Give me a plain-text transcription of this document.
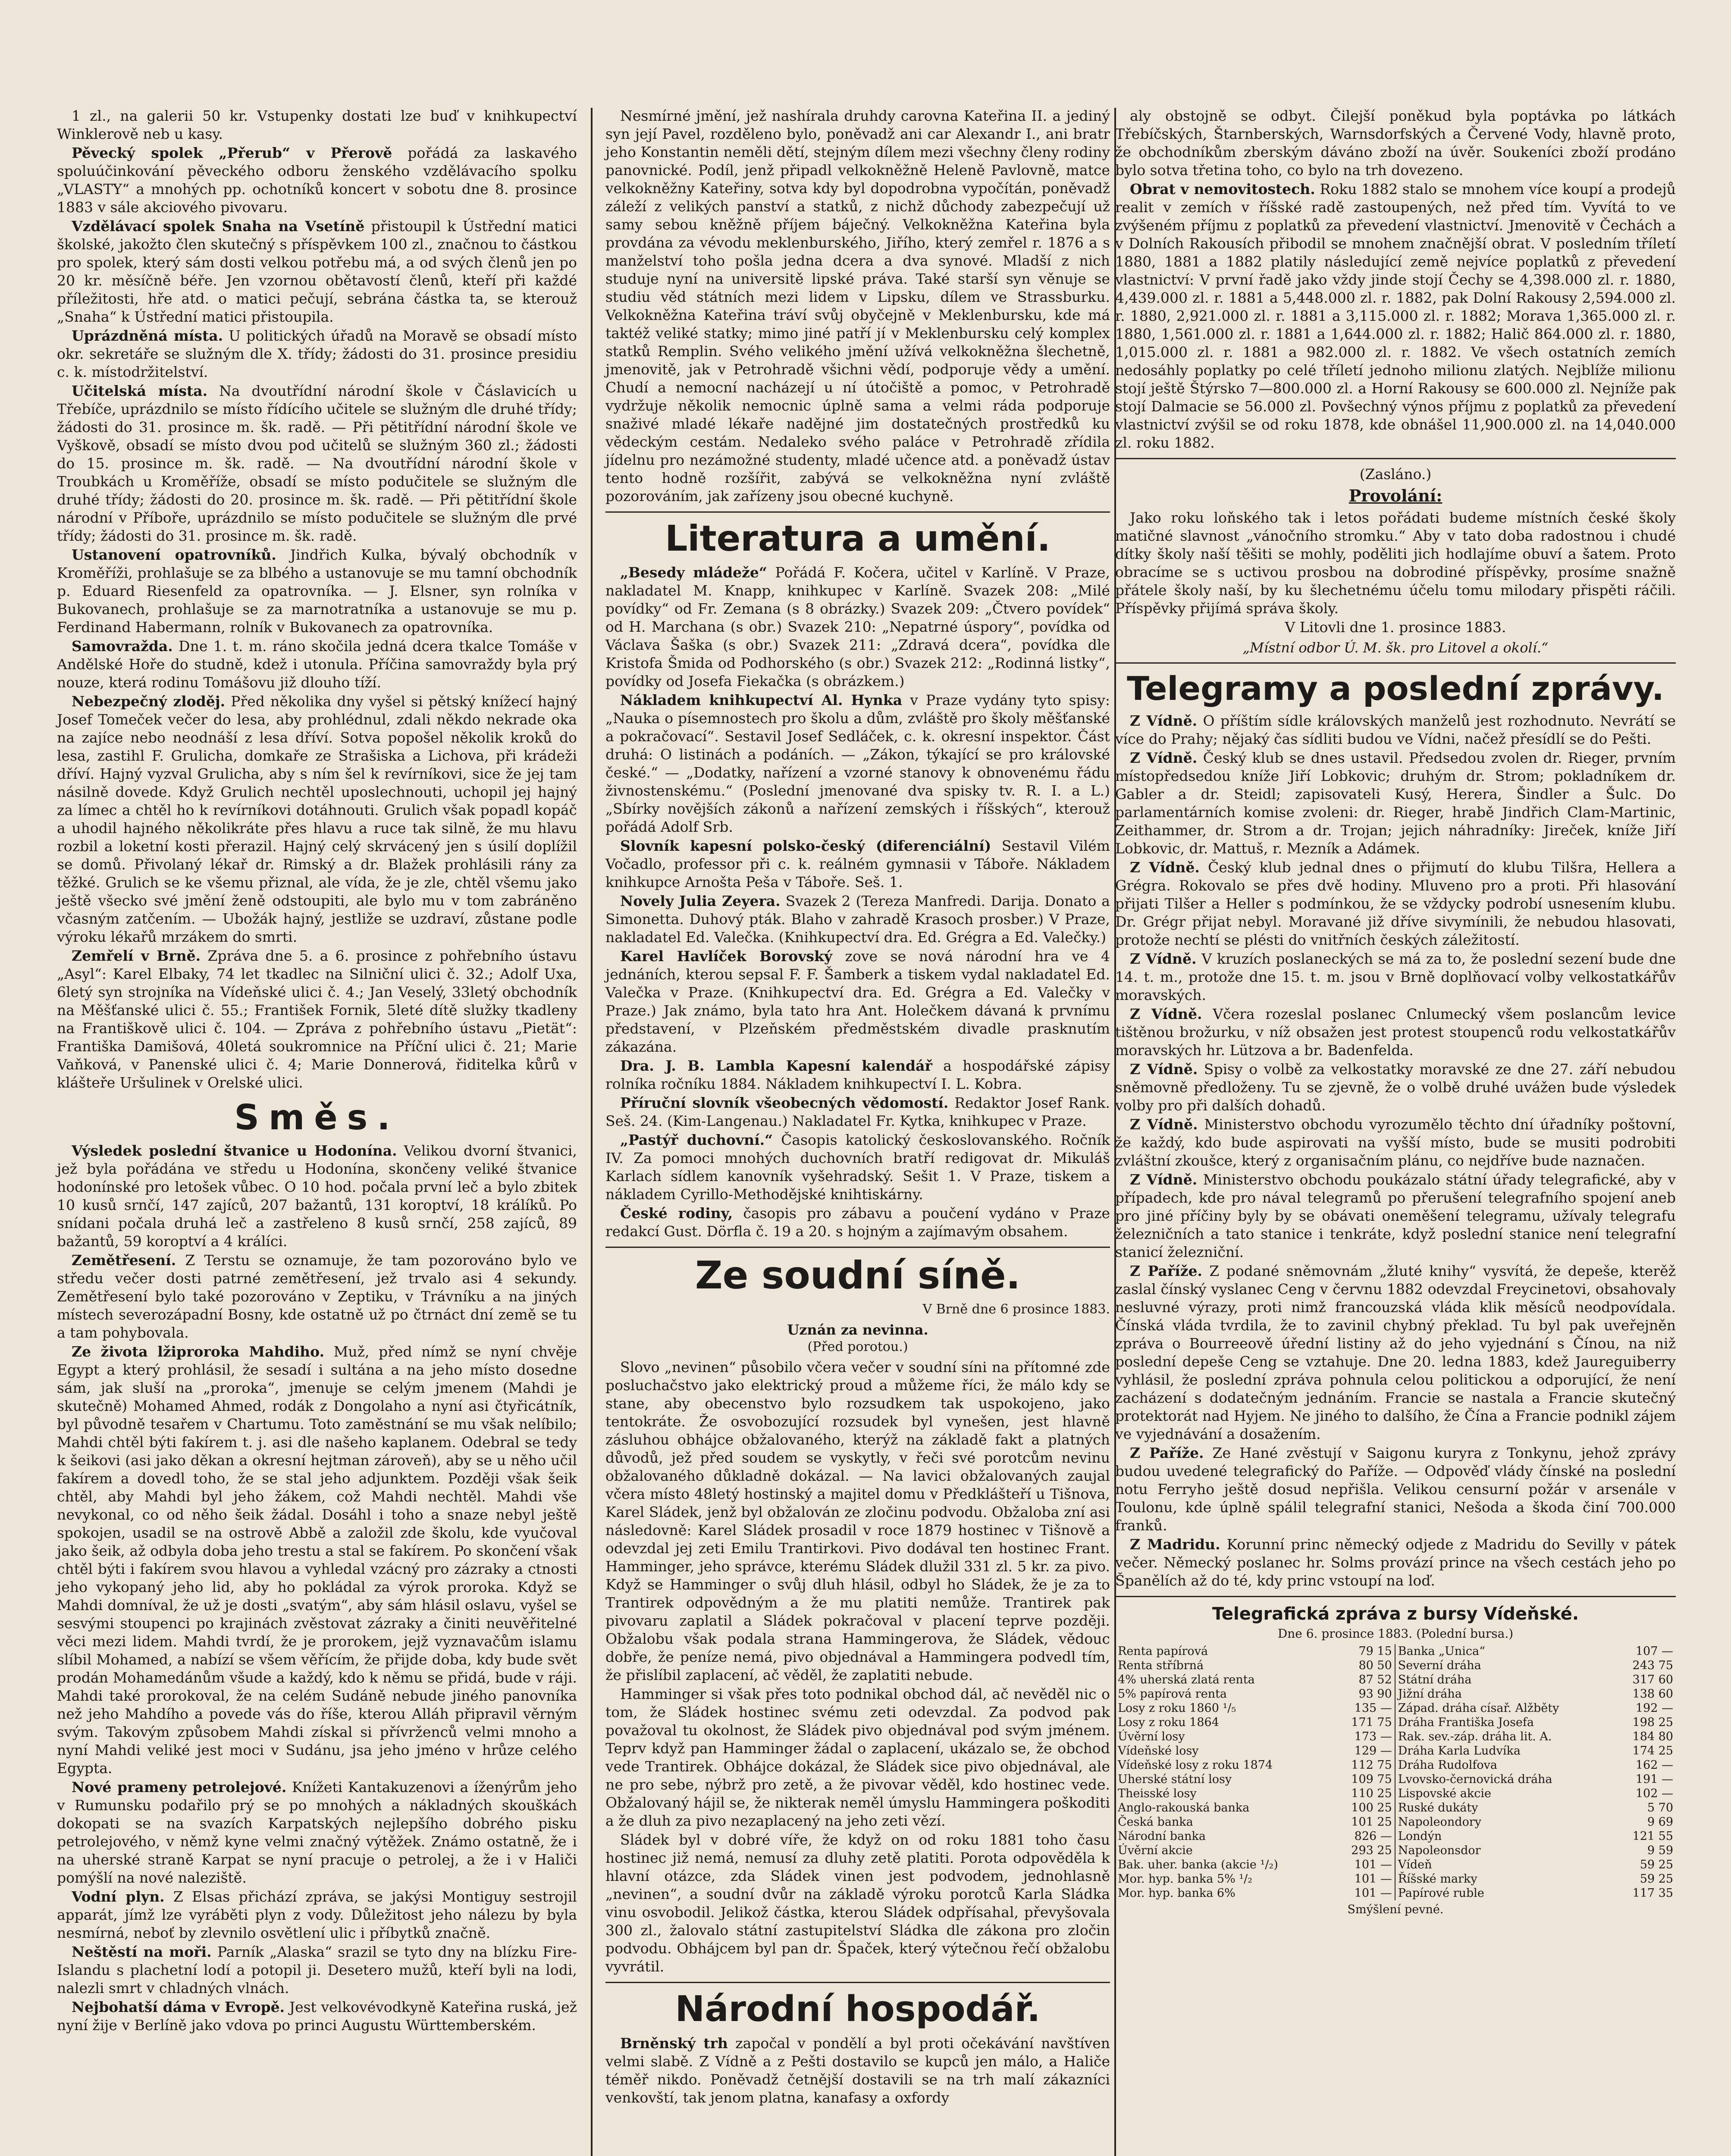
1 zl., na galerii 50 kr. Vstupenky dostati lze buď v knihkupectví Winklerově neb u kasy.

Pěvecký spolek „Přerub“ v Přerově pořádá za laskavého spoluúčinkování pěveckého odboru ženského vzdělávacího spolku „VLASTY“ a mnohých pp. ochotníků koncert v sobotu dne 8. prosince 1883 v sále akciového pivovaru.

Vzdělávací spolek Snaha na Vsetíně přistoupil k Ústřední matici školské, jakožto člen skutečný s příspěvkem 100 zl., značnou to částkou pro spolek, který sám dosti velkou potřebu má, a od svých členů jen po 20 kr. měsíčně béře. Jen vzornou obětavostí členů, kteří při každé příležitosti, hře atd. o matici pečují, sebrána částka ta, se kterouž „Snaha“ k Ústřední matici přistoupila.

Uprázdněná místa. U politických úřadů na Moravě se obsadí místo okr. sekretáře se služným dle X. třídy; žádosti do 31. prosince presidiu c. k. místodržitelství.

Učitelská místa. Na dvoutřídní národní škole v Čáslavicích u Třebíče, uprázdnilo se místo řídícího učitele se služným dle druhé třídy; žádosti do 31. prosince m. šk. radě. — Při pětitřídní národní škole ve Vyškově, obsadí se místo dvou pod učitelů se služným 360 zl.; žádosti do 15. prosince m. šk. radě. — Na dvoutřídní národní škole v Troubkách u Kroměříže, obsadí se místo podučitele se služným dle druhé třídy; žádosti do 20. prosince m. šk. radě. — Při pětitřídní škole národní v Příboře, uprázdnilo se místo podučitele se služným dle prvé třídy; žádosti do 31. prosince m. šk. radě.

Ustanovení opatrovníků. Jindřich Kulka, bývalý obchodník v Kroměříži, prohlašuje se za blbého a ustanovuje se mu tamní obchodník p. Eduard Riesenfeld za opatrovníka. — J. Elsner, syn rolníka v Bukovanech, prohlašuje se za marnotratníka a ustanovuje se mu p. Ferdinand Habermann, rolník v Bukovanech za opatrovníka.

Samovražda. Dne 1. t. m. ráno skočila jedná dcera tkalce Tomáše v Andělské Hoře do studně, kdež i utonula. Příčina samovraždy byla prý nouze, která rodinu Tomášovu již dlouho tíží.

Nebezpečný zloděj. Před několika dny vyšel si pětský knížecí hajný Josef Tomeček večer do lesa, aby prohlédnul, zdali někdo nekrade oka na zajíce nebo neodnáší z lesa dříví. Sotva popošel několik kroků do lesa, zastihl F. Grulicha, domkaře ze Strašiska a Lichova, při krádeži dříví. Hajný vyzval Grulicha, aby s ním šel k revírníkovi, sice že jej tam násilně dovede. Když Grulich nechtěl uposlechnouti, uchopil jej hajný za límec a chtěl ho k revírníkovi dotáhnouti. Grulich však popadl kopáč a uhodil hajného několikráte přes hlavu a ruce tak silně, že mu hlavu rozbil a loketní kosti přerazil. Hajný celý skrvácený jen s úsilí doplížil se domů. Přivolaný lékař dr. Rimský a dr. Blažek prohlásili rány za těžké. Grulich se ke všemu přiznal, ale vída, že je zle, chtěl všemu jako ještě všecko své jmění ženě odstoupiti, ale bylo mu v tom zabráněno včasným zatčením. — Ubožák hajný, jestliže se uzdraví, zůstane podle výroku lékařů mrzákem do smrti.

Zemřelí v Brně. Zpráva dne 5. a 6. prosince z pohřebního ústavu „Asyl“: Karel Elbaky, 74 let tkadlec na Silniční ulici č. 32.; Adolf Uxa, 6letý syn strojníka na Vídeňské ulici č. 4.; Jan Veselý, 33letý obchodník na Měšťanské ulici č. 55.; František Fornik, 5leté dítě služky tkadleny na Františkově ulici č. 104. — Zpráva z pohřebního ústavu „Pietät“: Františka Damišová, 40letá soukromnice na Příční ulici č. 21; Marie Vaňková, v Panenské ulici č. 4; Marie Donnerová, řiditelka kůrů v klášteře Uršulinek v Orelské ulici.

Směs.

Výsledek poslední štvanice u Hodonína. Velikou dvorní štvanici, jež byla pořádána ve středu u Hodonína, skončeny veliké štvanice hodonínské pro letošek vůbec. O 10 hod. počala první leč a bylo zbitek 10 kusů srnčí, 147 zajíců, 207 bažantů, 131 koroptví, 18 králíků. Po snídani počala druhá leč a zastřeleno 8 kusů srnčí, 258 zajíců, 89 bažantů, 59 koroptví a 4 králíci.

Zemětřesení. Z Terstu se oznamuje, že tam pozorováno bylo ve středu večer dosti patrné zemětřesení, jež trvalo asi 4 sekundy. Zemětřesení bylo také pozorováno v Zeptiku, v Trávníku a na jiných místech severozápadní Bosny, kde ostatně už po čtrnáct dní země se tu a tam pohybovala.

Ze života lžiproroka Mahdiho. Muž, před nímž se nyní chvěje Egypt a který prohlásil, že sesadí i sultána a na jeho místo dosedne sám, jak sluší na „proroka“, jmenuje se celým jmenem (Mahdi je skutečně) Mohamed Ahmed, rodák z Dongolaho a nyní asi čtyřicátník, byl původně tesařem v Chartumu. Toto zaměstnání se mu však nelíbilo; Mahdi chtěl býti fakírem t. j. asi dle našeho kaplanem. Odebral se tedy k šeikovi (asi jako děkan a okresní hejtman zároveň), aby se u něho učil fakírem a dovedl toho, že se stal jeho adjunktem. Později však šeik chtěl, aby Mahdi byl jeho žákem, což Mahdi nechtěl. Mahdi vše nevykonal, co od něho šeik žádal. Dosáhl i toho a snaze nebyl ještě spokojen, usadil se na ostrově Abbě a založil zde školu, kde vyučoval jako šeik, až odbyla doba jeho trestu a stal se fakírem. Po skončení však chtěl býti i fakírem svou hlavou a vyhledal vzácný pro zázraky a ctnosti jeho vykopaný jeho lid, aby ho pokládal za výrok proroka. Když se Mahdi domníval, že už je dosti „svatým“, aby sám hlásil oslavu, vyšel se sesvými stoupenci po krajinách zvěstovat zázraky a činiti neuvěřitelné věci mezi lidem. Mahdi tvrdí, že je prorokem, jejž vyznavačům islamu slíbil Mohamed, a nabízí se všem věřícím, že přijde doba, kdy bude svět prodán Mohamedánům všude a každý, kdo k němu se přidá, bude v ráji. Mahdi také prorokoval, že na celém Sudáně nebude jiného panovníka než jeho Mahdího a povede vás do říše, kterou Alláh připravil věrným svým. Takovým způsobem Mahdi získal si přívrženců velmi mnoho a nyní Mahdi veliké jest moci v Sudánu, jsa jeho jméno v hrůze celého Egypta.

Nové prameny petrolejové. Knížeti Kantakuzenovi a íženýrům jeho v Rumunsku podařilo prý se po mnohých a nákladných skouškách dokopati se na svazích Karpatských nejlepšího dobrého pisku petrolejového, v němž kyne velmi značný výtěžek. Známo ostatně, že i na uherské straně Karpat se nyní pracuje o petrolej, a že i v Haliči pomýšlí na nové naleziště.

Vodní plyn. Z Elsas přichází zpráva, se jakýsi Montiguy sestrojil apparát, jímž lze vyráběti plyn z vody. Důležitost jeho nálezu by byla nesmírná, neboť by zlevnilo osvětlení ulic i příbytků značně.

Neštěstí na moři. Parník „Alaska“ srazil se tyto dny na blízku Fire-Islandu s plachetní lodí a potopil ji. Desetero mužů, kteří byli na lodi, nalezli smrt v chladných vlnách.

Nejbohatší dáma v Evropě. Jest velkovévodkyně Kateřina ruská, jež nyní žije v Berlíně jako vdova po princi Augustu Württemberském.

Nesmírné jmění, jež nashírala druhdy carovna Kateřina II. a jediný syn její Pavel, rozděleno bylo, poněvadž ani car Alexandr I., ani bratr jeho Konstantin neměli dětí, stejným dílem mezi všechny členy rodiny panovnické. Podíl, jenž připadl velkokněžně Heleně Pavlovně, matce velkokněžny Kateřiny, sotva kdy byl dopodrobna vypočítán, poněvadž záleží z velikých panství a statků, z nichž důchody zabezpečují už samy sebou kněžně příjem báječný. Velkokněžna Kateřina byla provdána za vévodu meklenburského, Jiřího, který zemřel r. 1876 a s manželství toho pošla jedna dcera a dva synové. Mladší z nich studuje nyní na universitě lipské práva. Také starší syn věnuje se studiu věd státních mezi lidem v Lipsku, dílem ve Strassburku. Velkokněžna Kateřina tráví svůj obyčejně v Meklenbursku, kde má taktéž veliké statky; mimo jiné patří jí v Meklenbursku celý komplex statků Remplin. Svého velikého jmění užívá velkokněžna šlechetně, jmenovitě, jak v Petrohradě všichni vědí, podporuje vědy a umění. Chudí a nemocní nacházejí u ní útočiště a pomoc, v Petrohradě vydržuje několik nemocnic úplně sama a velmi ráda podporuje snaživé mladé lékaře nadějné jim dostatečných prostředků ku vědeckým cestám. Nedaleko svého paláce v Petrohradě zřídila jídelnu pro nezámožné studenty, mladé učence atd. a poněvadž ústav tento hodně rozšířit, zabývá se velkokněžna nyní zvláště pozorováním, jak zařízeny jsou obecné kuchyně.

Literatura a umění.

„Besedy mládeže“ Pořádá F. Kočera, učitel v Karlíně. V Praze, nakladatel M. Knapp, knihkupec v Karlíně. Svazek 208: „Milé povídky“ od Fr. Zemana (s 8 obrázky.) Svazek 209: „Čtvero povídek“ od H. Marchana (s obr.) Svazek 210: „Nepatrné úspory“, povídka od Václava Šaška (s obr.) Svazek 211: „Zdravá dcera“, povídka dle Kristofa Šmida od Podhorského (s obr.) Svazek 212: „Rodinná listky“, povídky od Josefa Fiekačka (s obrázkem.)

Nákladem knihkupectví Al. Hynka v Praze vydány tyto spisy: „Nauka o písemnostech pro školu a dům, zvláště pro školy měšťanské a pokračovací“. Sestavil Josef Sedláček, c. k. okresní inspektor. Část druhá: O listinách a podáních. — „Zákon, týkající se pro královské české.“ — „Dodatky, nařízení a vzorné stanovy k obnovenému řádu živnostenskému.“ (Poslední jmenované dva spisky tv. R. I. a L.) „Sbírky novějších zákonů a nařízení zemských i říšských“, kterouž pořádá Adolf Srb.

Slovník kapesní polsko-český (diferenciální) Sestavil Vilém Vočadlo, professor při c. k. reálném gymnasii v Táboře. Nákladem knihkupce Arnošta Peša v Táboře. Seš. 1.

Novely Julia Zeyera. Svazek 2 (Tereza Manfredi. Darija. Donato a Simonetta. Duhový pták. Blaho v zahradě Krasoch prosber.) V Praze, nakladatel Ed. Valečka. (Knihkupectví dra. Ed. Grégra a Ed. Valečky.)

Karel Havlíček Borovský zove se nová národní hra ve 4 jednáních, kterou sepsal F. F. Šamberk a tiskem vydal nakladatel Ed. Valečka v Praze. (Knihkupectví dra. Ed. Grégra a Ed. Valečky v Praze.) Jak známo, byla tato hra Ant. Holečkem dávaná k prvnímu představení, v Plzeňském předměstském divadle prasknutím zákazána.

Dra. J. B. Lambla Kapesní kalendář a hospodářské zápisy rolníka ročníku 1884. Nákladem knihkupectví I. L. Kobra.

Příruční slovník všeobecných vědomostí. Redaktor Josef Rank. Seš. 24. (Kim-Langenau.) Nakladatel Fr. Kytka, knihkupec v Praze.

„Pastýř duchovní.“ Časopis katolický českoslovanského. Ročník IV. Za pomoci mnohých duchovních bratří redigovat dr. Mikuláš Karlach sídlem kanovník vyšehradský. Sešit 1. V Praze, tiskem a nákladem Cyrillo-Methodějské knihtiskárny.

České rodiny, časopis pro zábavu a poučení vydáno v Praze redakcí Gust. Dörfla č. 19 a 20. s hojným a zajímavým obsahem.

Ze soudní síně.
V Brně dne 6 prosince 1883.
Uznán za nevinna.
(Před porotou.)

Slovo „nevinen“ působilo včera večer v soudní síni na přítomné zde posluchačstvo jako elektrický proud a můžeme říci, že málo kdy se stane, aby obecenstvo bylo rozsudkem tak uspokojeno, jako tentokráte. Že osvobozující rozsudek byl vynešen, jest hlavně zásluhou obhájce obžalovaného, kterýž na základě fakt a platných důvodů, jež před soudem se vyskytly, v řeči své porotcům nevinu obžalovaného důkladně dokázal. — Na lavici obžalovaných zaujal včera místo 48letý hostinský a majitel domu v Předklášteří u Tišnova, Karel Sládek, jenž byl obžalován ze zločinu podvodu. Obžaloba zní asi následovně: Karel Sládek prosadil v roce 1879 hostinec v Tišnově a odevzdal jej zeti Emilu Trantirkovi. Pivo dodával ten hostinec Frant. Hamminger, jeho správce, kterému Sládek dlužil 331 zl. 5 kr. za pivo. Když se Hamminger o svůj dluh hlásil, odbyl ho Sládek, že je za to Trantirek odpovědným a že mu platiti nemůže. Trantirek pak pivovaru zaplatil a Sládek pokračoval v placení teprve později. Obžalobu však podala strana Hammingerova, že Sládek, vědouc dobře, že peníze nemá, pivo objednával a Hammingera podvedl tím, že přislíbil zaplacení, ač věděl, že zaplatiti nebude.

Hamminger si však přes toto podnikal obchod dál, ač nevěděl nic o tom, že Sládek hostinec svému zeti odevzdal. Za podvod pak považoval tu okolnost, že Sládek pivo objednával pod svým jménem. Teprv když pan Hamminger žádal o zaplacení, ukázalo se, že obchod vede Trantirek. Obhájce dokázal, že Sládek sice pivo objednával, ale ne pro sebe, nýbrž pro zetě, a že pivovar věděl, kdo hostinec vede. Obžalovaný hájil se, že nikterak neměl úmyslu Hammingera poškoditi a že dluh za pivo nezaplacený na jeho zeti vězí.

Sládek byl v dobré víře, že když on od roku 1881 toho času hostinec již nemá, nemusí za dluhy zetě platiti. Porota odpověděla k hlavní otázce, zda Sládek vinen jest podvodem, jednohlasně „nevinen“, a soudní dvůr na základě výroku porotců Karla Sládka vinu osvobodil. Jelikož částka, kterou Sládek odpřísahal, převyšovala 300 zl., žalovalo státní zastupitelství Sládka dle zákona pro zločin podvodu. Obhájcem byl pan dr. Špaček, který výtečnou řečí obžalobu vyvrátil.

Národní hospodář.

Brněnský trh započal v pondělí a byl proti očekávání navštíven velmi slabě. Z Vídně a z Pešti dostavilo se kupců jen málo, a Haliče téměř nikdo. Poněvadž četnější dostavili se na trh malí zákazníci venkovští, tak jenom platna, kanafasy a oxfordy

aly obstojně se odbyt. Čilejší poněkud byla poptávka po látkách Třebíčských, Štarnberských, Warnsdorfských a Červené Vody, hlavně proto, že obchodníkům zberským dáváno zboží na úvěr. Soukeníci zboží prodáno bylo sotva třetina toho, co bylo na trh dovezeno.

Obrat v nemovitostech. Roku 1882 stalo se mnohem více koupí a prodejů realit v zemích v říšské radě zastoupených, než před tím. Vyvítá to ve zvýšeném příjmu z poplatků za převedení vlastnictví. Jmenovitě v Čechách a v Dolních Rakousích přibodil se mnohem značnější obrat. V posledním tříletí 1880, 1881 a 1882 platily následující země nejvíce poplatků z převedení vlastnictví: V první řadě jako vždy jinde stojí Čechy se 4,398.000 zl. r. 1880, 4,439.000 zl. r. 1881 a 5,448.000 zl. r. 1882, pak Dolní Rakousy 2,594.000 zl. r. 1880, 2,921.000 zl. r. 1881 a 3,115.000 zl. r. 1882; Morava 1,365.000 zl. r. 1880, 1,561.000 zl. r. 1881 a 1,644.000 zl. r. 1882; Halič 864.000 zl. r. 1880, 1,015.000 zl. r. 1881 a 982.000 zl. r. 1882. Ve všech ostatních zemích nedosáhly poplatky po celé tříletí jednoho milionu zlatých. Nejblíže milionu stojí ještě Štýrsko 7—800.000 zl. a Horní Rakousy se 600.000 zl. Nejníže pak stojí Dalmacie se 56.000 zl. Povšechný výnos příjmu z poplatků za převedení vlastnictví zvýšil se od roku 1878, kde obnášel 11,900.000 zl. na 14,040.000 zl. roku 1882.

(Zasláno.)
Provolání:

Jako roku loňského tak i letos pořádati budeme místních české školy matičné slavnost „vánočního stromku.“ Aby v tato doba radostnou i chudé dítky školy naší těšiti se mohly, poděliti jich hodlajíme obuví a šatem. Proto obracíme se s uctivou prosbou na dobrodiné příspěvky, prosíme snažně přátele školy naší, by ku šlechetnému účelu tomu milodary přispěti ráčili. Příspěvky přijímá správa školy.

V Litovli dne 1. prosince 1883.
„Místní odbor Ú. M. šk. pro Litovel a okolí.“
Telegramy a poslední zprávy.

Z Vídně. O příštím sídle královských manželů jest rozhodnuto. Nevrátí se více do Prahy; nějaký čas sídliti budou ve Vídni, načež přesídlí se do Pešti.

Z Vídně. Český klub se dnes ustavil. Předsedou zvolen dr. Rieger, prvním místopředsedou kníže Jiří Lobkovic; druhým dr. Strom; pokladníkem dr. Gabler a dr. Steidl; zapisovateli Kusý, Herera, Šindler a Šulc. Do parlamentárních komise zvoleni: dr. Rieger, hrabě Jindřich Clam-Martinic, Zeithammer, dr. Strom a dr. Trojan; jejich náhradníky: Jireček, kníže Jiří Lobkovic, dr. Mattuš, r. Mezník a Adámek.

Z Vídně. Český klub jednal dnes o přijmutí do klubu Tilšra, Hellera a Grégra. Rokovalo se přes dvě hodiny. Mluveno pro a proti. Při hlasování přijati Tilšer a Heller s podmínkou, že se vždycky podrobí usnesením klubu. Dr. Grégr přijat nebyl. Moravané již dříve sivymínili, že nebudou hlasovati, protože nechtí se plésti do vnitřních českých záležitostí.

Z Vídně. V kruzích poslaneckých se má za to, že poslední sezení bude dne 14. t. m., protože dne 15. t. m. jsou v Brně doplňovací volby velkostatkářův moravských.

Z Vídně. Včera rozeslal poslanec Cnlumecký všem poslancům levice tištěnou brožurku, v níž obsažen jest protest stoupenců rodu velkostatkářův moravských hr. Lützova a br. Badenfelda.

Z Vídně. Spisy o volbě za velkostatky moravské ze dne 27. září nebudou sněmovně předloženy. Tu se zjevně, že o volbě druhé uvážen bude výsledek volby pro při dalších dohadů.

Z Vídně. Ministerstvo obchodu vyrozumělo těchto dní úřadníky poštovní, že každý, kdo bude aspirovati na vyšší místo, bude se musiti podrobiti zvláštní zkoušce, který z organisačním plánu, co nejdříve bude naznačen.

Z Vídně. Ministerstvo obchodu poukázalo státní úřady telegrafické, aby v případech, kde pro nával telegramů po přerušení telegrafního spojení aneb pro jiné příčiny byly by se obávati oneměšení telegramu, užívaly telegrafu železničních a tato stanice i tenkráte, když poslední stanice není telegrafní stanicí železniční.

Z Paříže. Z podané sněmovnám „žluté knihy“ vysvítá, že depeše, kterěž zaslal čínský vyslanec Ceng v červnu 1882 odevzdal Freycinetovi, obsahovaly nesluvné výrazy, proti nimž francouzská vláda klik měsíců neodpovídala. Čínská vláda tvrdila, že to zavinil chybný překlad. Tu byl pak uveřejněn zpráva o Bourreeově úřední listiny až do jeho vyjednání s Čínou, na niž poslední depeše Ceng se vztahuje. Dne 20. ledna 1883, kdež Jaureguiberry vyhlásil, že poslední zpráva pohnula celou politickou a odporující, že není zacházení s dodatečným jednáním. Francie se nastala a Francie skutečný protektorát nad Hyjem. Ne jiného to dalšího, že Čína a Francie podnikl zájem ve vyjednávání a dosažením.

Z Paříže. Ze Hané zvěstují v Saigonu kuryra z Tonkynu, jehož zprávy budou uvedené telegrafický do Paříže. — Odpověď vlády čínské na poslední notu Ferryho ještě dosud nepřišla. Velikou censurní požár v arsenále v Toulonu, kde úplně spálil telegrafní stanici, Nešoda a škoda činí 700.000 franků.

Z Madridu. Korunní princ německý odjede z Madridu do Sevilly v pátek večer. Německý poslanec hr. Solms provází prince na všech cestách jeho po Španělích až do té, kdy princ vstoupí na loď.

Telegrafická zpráva z bursy Vídeňské.
Dne 6. prosince 1883. (Polední bursa.)
Renta papírová	79 15	Banka „Unica“	107 —
Renta stříbrná	80 50	Severní dráha	243 75
4% uherská zlatá renta	87 52	Státní dráha	317 60
5% papírová renta	93 90	Jižní dráha	138 60
Losy z roku 1860 ¹/₅	135 —	Západ. dráha císař. Alžběty	192 —
Losy z roku 1864	171 75	Dráha Františka Josefa	198 25
Úvěrní losy	173 —	Rak. sev.-záp. dráha lit. A.	184 80
Vídeňské losy	129 —	Dráha Karla Ludvíka	174 25
Vídeňské losy z roku 1874	112 75	Dráha Rudolfova	162 —
Uherské státní losy	109 75	Lvovsko-černovická dráha	191 —
Theisské losy	110 25	Lispovské akcie	102 —
Anglo-rakouská banka	100 25	Ruské dukáty	5 70
Česká banka	101 25	Napoleondory	9 69
Národní banka	826 —	Londýn	121 55
Úvěrní akcie	293 25	Napoleonsdor	9 59
Bak. uher. banka (akcie ¹/₂)	101 —	Vídeň	59 25
Mor. hyp. banka 5% ¹/₂	101 —	Říšské marky	59 25
Mor. hyp. banka 6%	101 —	Papírové ruble	117 35
Smýšlení pevné.
